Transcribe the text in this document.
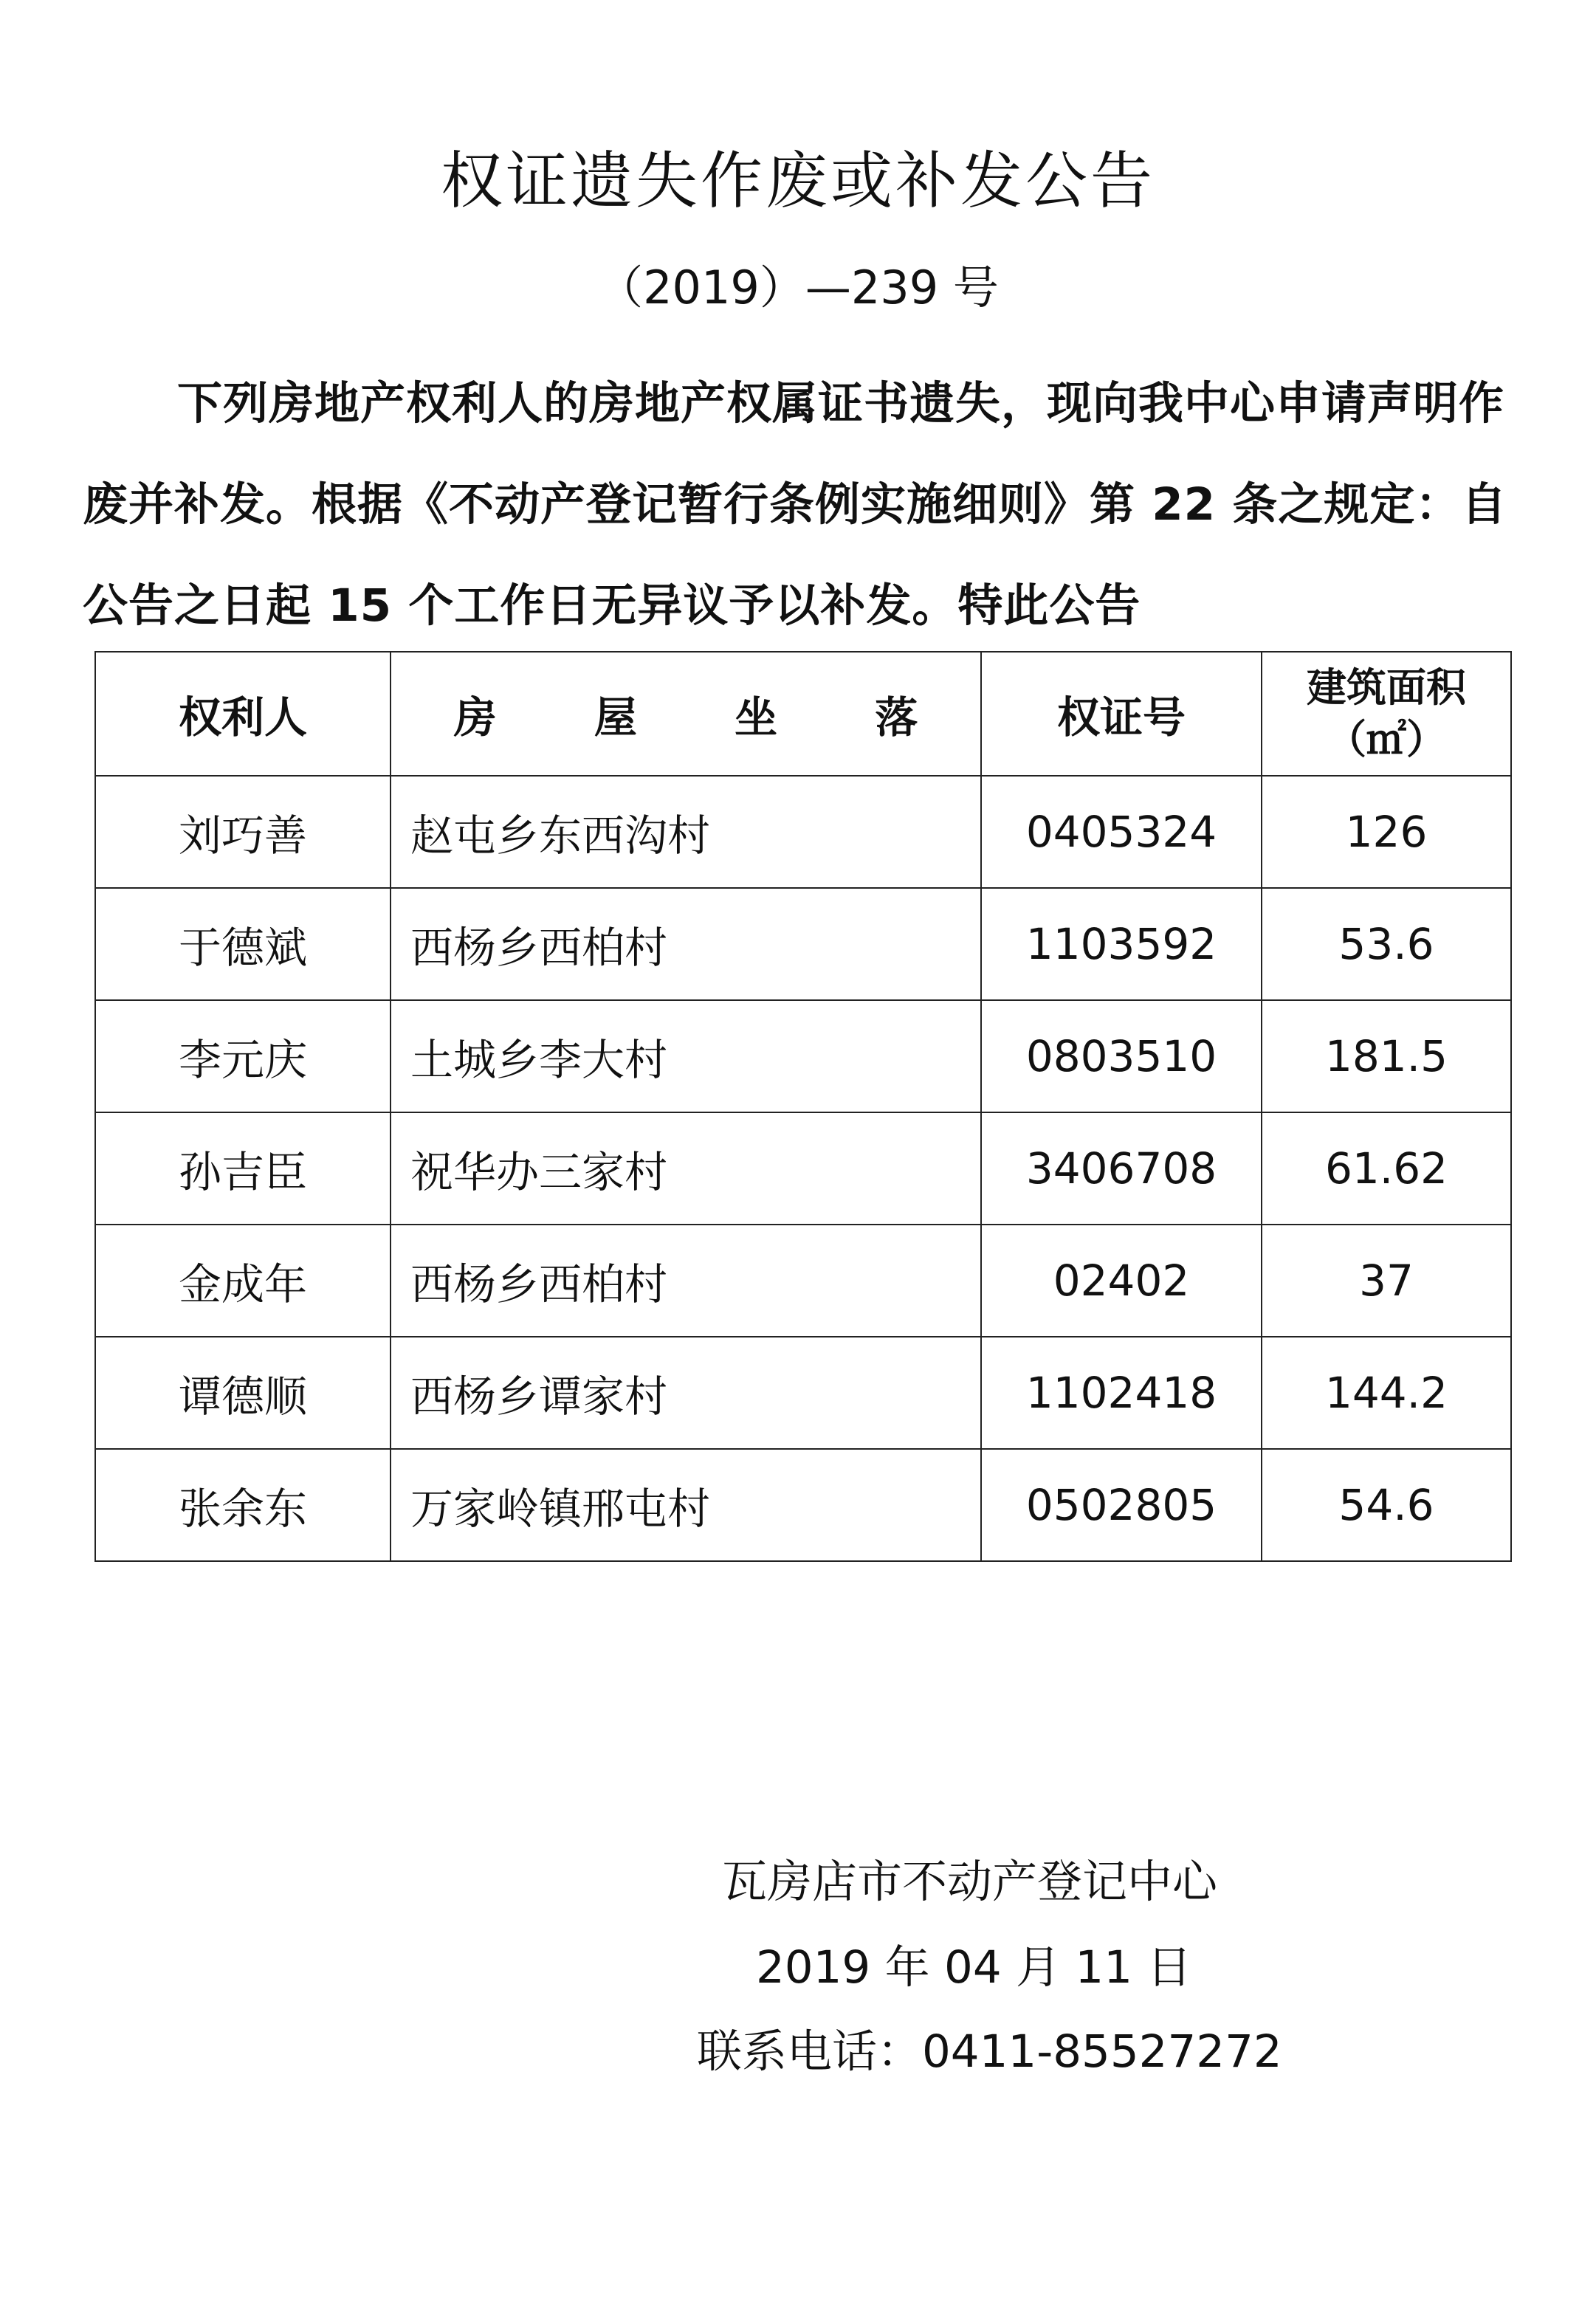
权证遗失作废或补发公告
（2019）—239 号

下列房地产权利人的房地产权属证书遗失，现向我中心申请声明作废并补发。根据《不动产登记暂行条例实施细则》第 22 条之规定：自公告之日起 15 个工作日无异议予以补发。特此公告

权利人	房 屋 坐 落	权证号	建筑面积
（㎡）

刘巧善	赵屯乡东西沟村	0405324	126
于德斌	西杨乡西柏村	1103592	53.6
李元庆	土城乡李大村	0803510	181.5
孙吉臣	祝华办三家村	3406708	61.62
金成年	西杨乡西柏村	02402	37
谭德顺	西杨乡谭家村	1102418	144.2
张余东	万家岭镇邢屯村	0502805	54.6
瓦房店市不动产登记中心
2019 年 04 月 11 日
联系电话：0411-85527272
